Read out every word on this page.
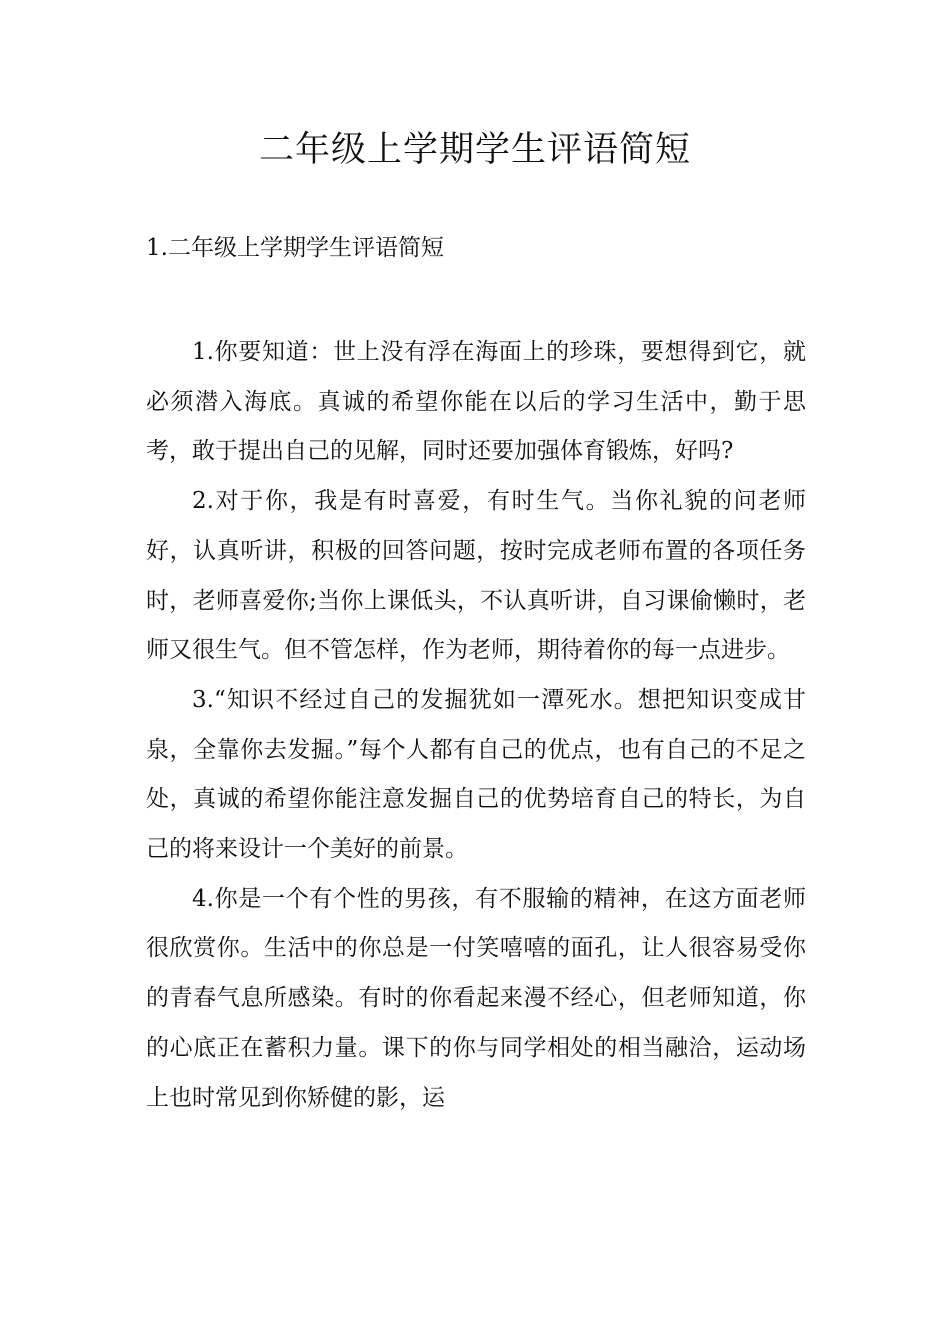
二年级上学期学生评语简短
1.二年级上学期学生评语简短

1.你要知道：世上没有浮在海面上的珍珠，要想得到它，就必须潜入海底。真诚的希望你能在以后的学习生活中，勤于思考，敢于提出自己的见解，同时还要加强体育锻炼，好吗?

2.对于你，我是有时喜爱，有时生气。当你礼貌的问老师好，认真听讲，积极的回答问题，按时完成老师布置的各项任务时，老师喜爱你;当你上课低头，不认真听讲，自习课偷懒时，老师又很生气。但不管怎样，作为老师，期待着你的每一点进步。

3.“知识不经过自己的发掘犹如一潭死水。想把知识变成甘泉，全靠你去发掘。”每个人都有自己的优点，也有自己的不足之处，真诚的希望你能注意发掘自己的优势培育自己的特长，为自己的将来设计一个美好的前景。

4.你是一个有个性的男孩，有不服输的精神，在这方面老师很欣赏你。生活中的你总是一付笑嘻嘻的面孔，让人很容易受你的青春气息所感染。有时的你看起来漫不经心，但老师知道，你的心底正在蓄积力量。课下的你与同学相处的相当融洽，运动场上也时常见到你矫健的影，运
